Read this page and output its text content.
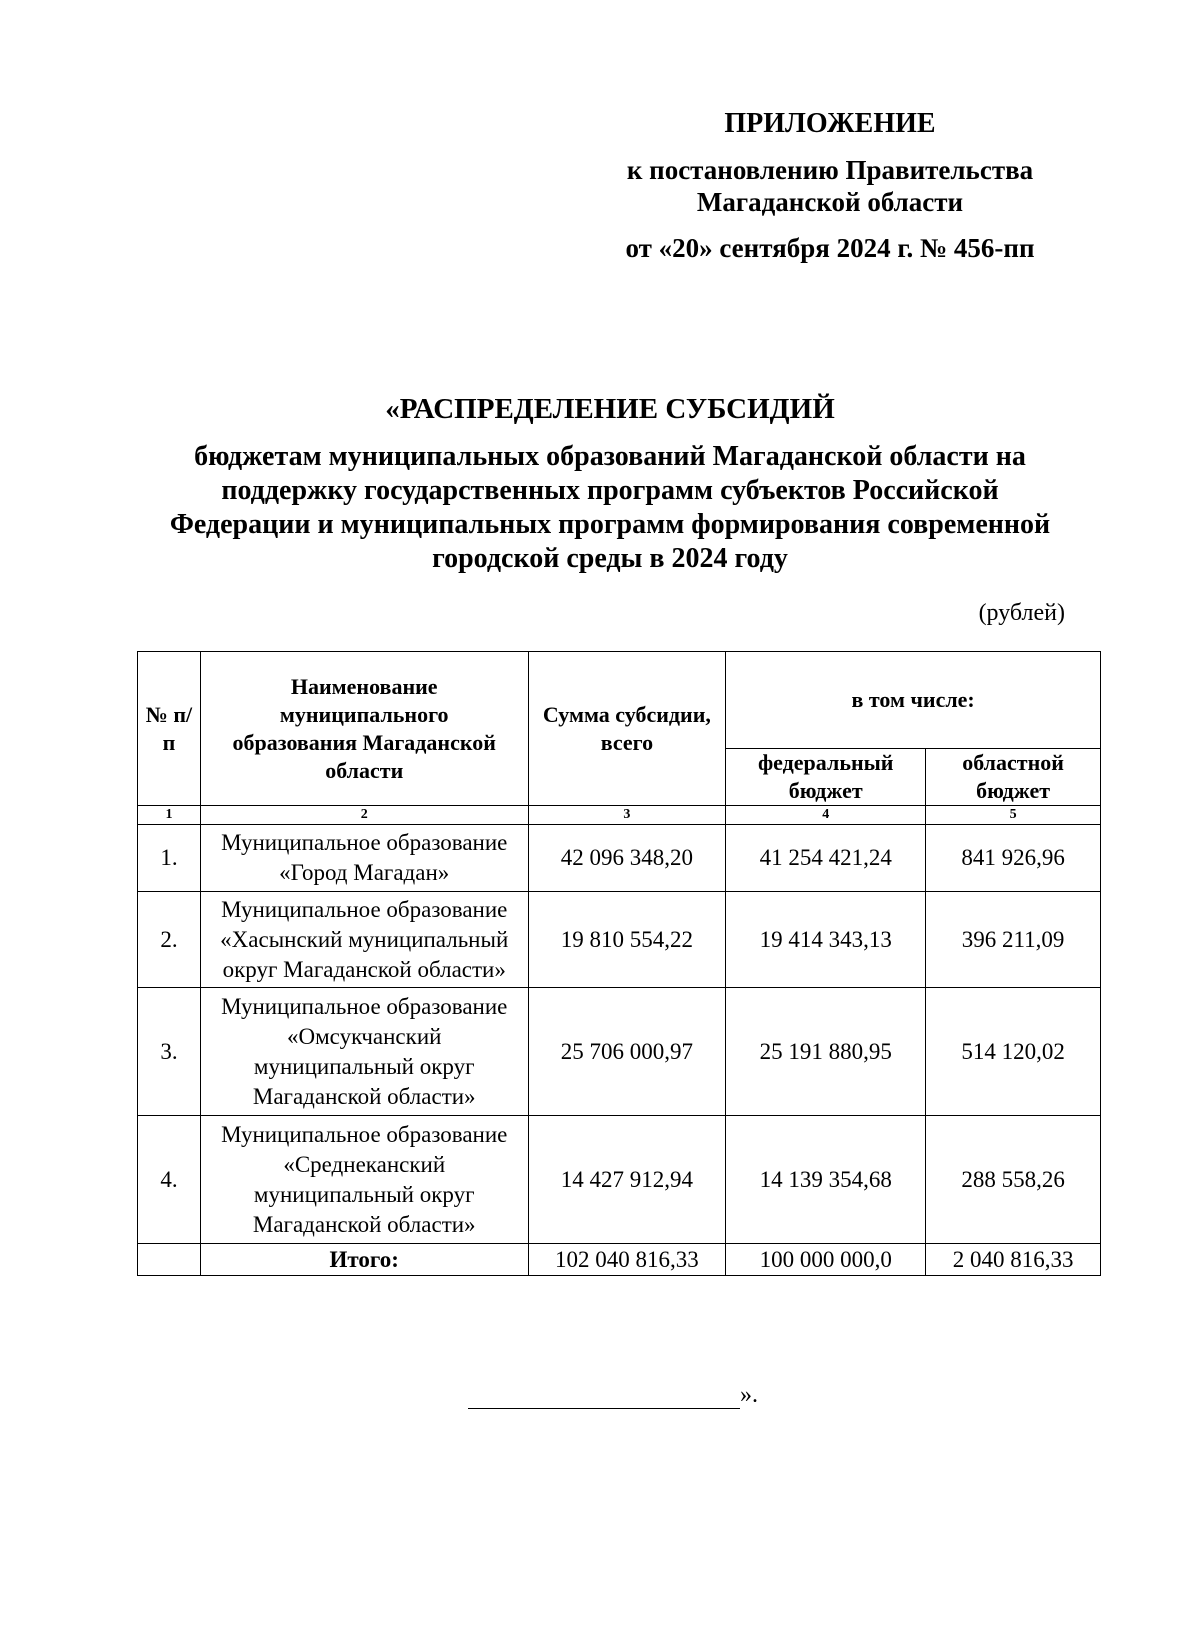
ПРИЛОЖЕНИЕ
к постановлению Правительства
Магаданской области
от «20» сентября 2024 г. № 456-пп
«РАСПРЕДЕЛЕНИЕ СУБСИДИЙ
бюджетам муниципальных образований Магаданской области на
поддержку государственных программ субъектов Российской
Федерации и муниципальных программ формирования современной
городской среды в 2024 году
(рублей)
№ п/п	Наименование муниципального образования Магаданской области	Сумма субсидии, всего	в том числе:	
			федеральный бюджет	областной бюджет
1	2	3	4	5
1.	Муниципальное образование
«Город Магадан»	42 096 348,20	41 254 421,24	841 926,96
2.	Муниципальное образование
«Хасынский муниципальный
округ Магаданской области»	19 810 554,22	19 414 343,13	396 211,09
3.	Муниципальное образование
«Омсукчанский
муниципальный округ
Магаданской области»	25 706 000,97	25 191 880,95	514 120,02
4.	Муниципальное образование
«Среднеканский
муниципальный округ
Магаданской области»	14 427 912,94	14 139 354,68	288 558,26
	Итого:	102 040 816,33	100 000 000,0	2 040 816,33
».
